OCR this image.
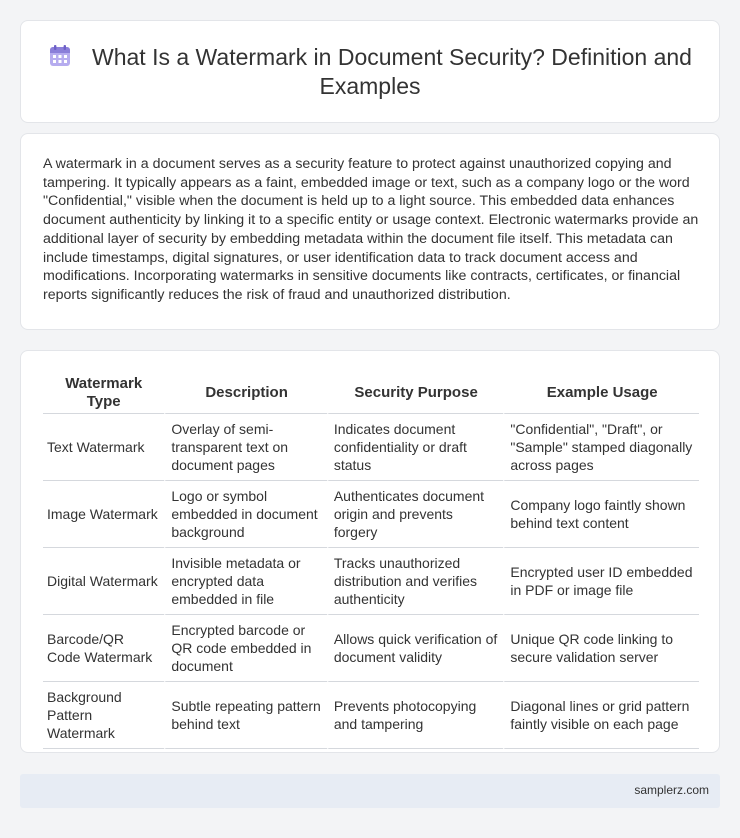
What Is a Watermark in Document Security? Definition and Examples

A watermark in a document serves as a security feature to protect against unauthorized copying and tampering. It typically appears as a faint, embedded image or text, such as a company logo or the word "Confidential," visible when the document is held up to a light source. This embedded data enhances document authenticity by linking it to a specific entity or usage context. Electronic watermarks provide an additional layer of security by embedding metadata within the document file itself. This metadata can include timestamps, digital signatures, or user identification data to track document access and modifications. Incorporating watermarks in sensitive documents like contracts, certificates, or financial reports significantly reduces the risk of fraud and unauthorized distribution.

Watermark Type	Description	Security Purpose	Example Usage
Text Watermark	Overlay of semi-transparent text on document pages	Indicates document confidentiality or draft status	"Confidential", "Draft", or "Sample" stamped diagonally across pages
Image Watermark	Logo or symbol embedded in document background	Authenticates document origin and prevents forgery	Company logo faintly shown behind text content
Digital Watermark	Invisible metadata or encrypted data embedded in file	Tracks unauthorized distribution and verifies authenticity	Encrypted user ID embedded in PDF or image file
Barcode/QR Code Watermark	Encrypted barcode or QR code embedded in document	Allows quick verification of document validity	Unique QR code linking to secure validation server
Background Pattern Watermark	Subtle repeating pattern behind text	Prevents photocopying and tampering	Diagonal lines or grid pattern faintly visible on each page
samplerz.com
